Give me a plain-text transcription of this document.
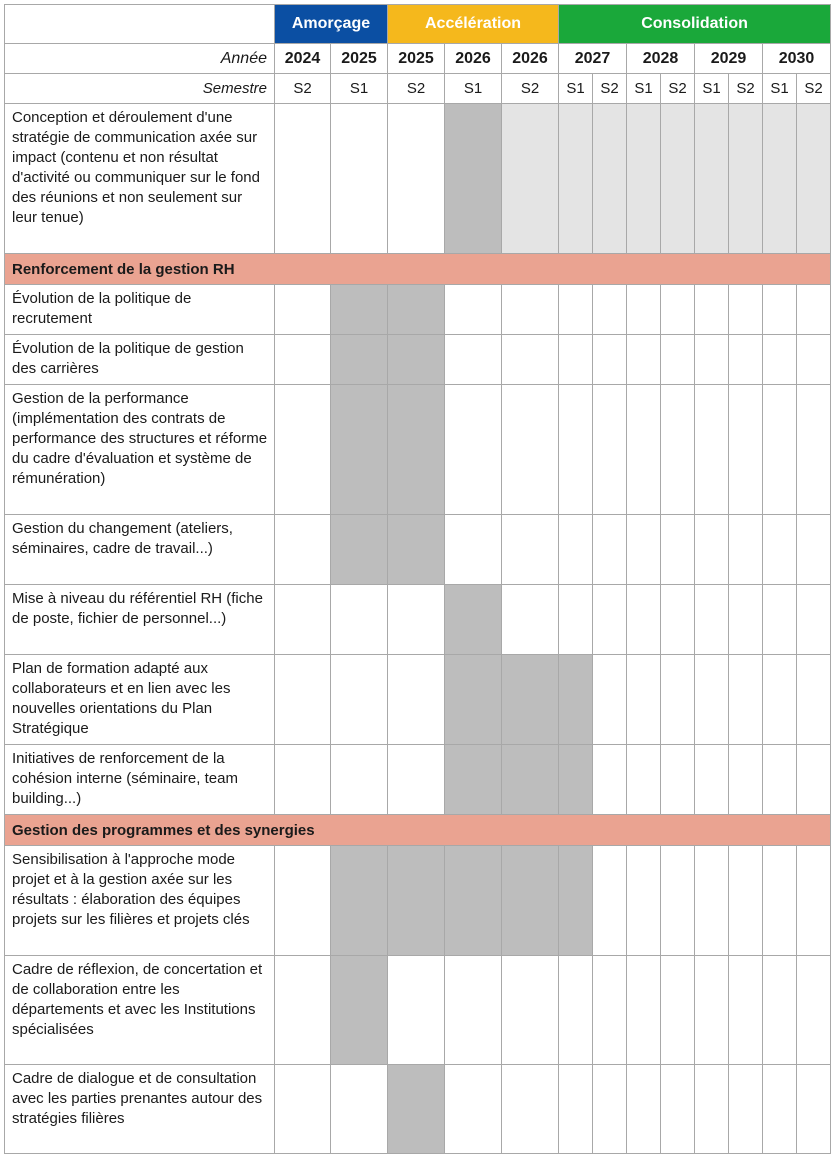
	Amorçage		Accélération			Consolidation							
Année	2024	2025	2025	2026	2026	2027		2028		2029		2030	
Semestre	S2	S1	S2	S1	S2	S1	S2	S1	S2	S1	S2	S1	S2
Conception et déroulement d'une stratégie de communication axée sur impact (contenu et non résultat d'activité ou communiquer sur le fond des réunions et non seulement sur leur tenue)													
Renforcement de la gestion RH													
Évolution de la politique de recrutement													
Évolution de la politique de gestion des carrières													
Gestion de la performance (implémentation des contrats de performance des structures et réforme du cadre d'évaluation et système de rémunération)													
Gestion du changement (ateliers, séminaires, cadre de travail...)													
Mise à niveau du référentiel RH (fiche de poste, fichier de personnel...)													
Plan de formation adapté aux collaborateurs et en lien avec les nouvelles orientations du Plan Stratégique													
Initiatives de renforcement de la cohésion interne (séminaire, team building...)													
Gestion des programmes et des synergies													
Sensibilisation à l'approche mode projet et à la gestion axée sur les résultats : élaboration des équipes projets sur les filières et projets clés													
Cadre de réflexion, de concertation et de collaboration entre les départements et avec les Institutions spécialisées													
Cadre de dialogue et de consultation avec les parties prenantes autour des stratégies filières													
